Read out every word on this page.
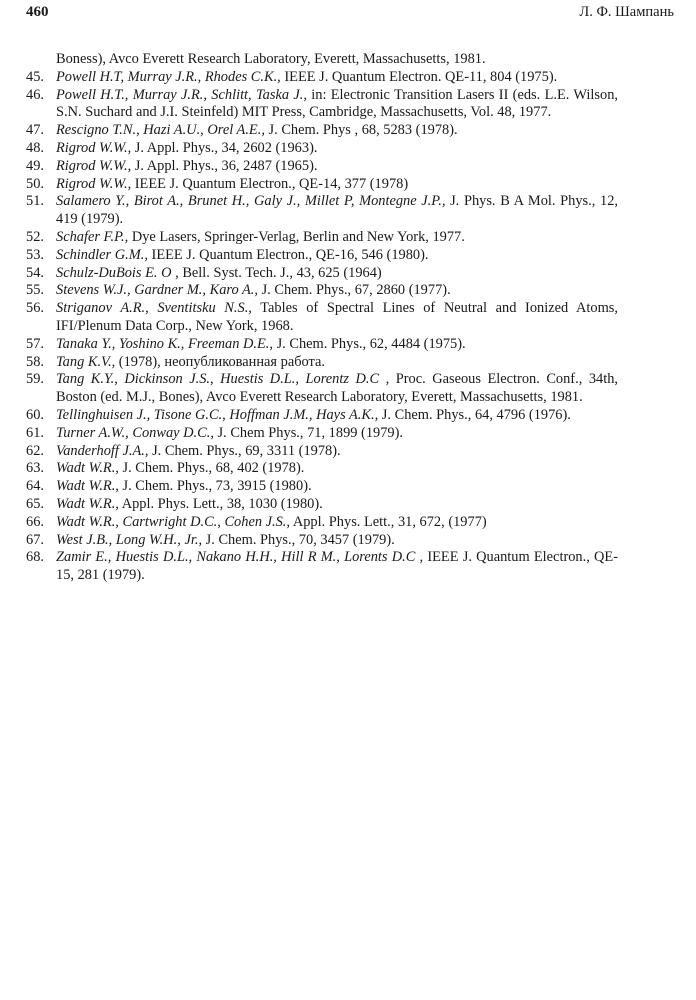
460	Л. Ф. Шампань
Boness), Avco Everett Research Laboratory, Everett, Massachusetts, 1981.
45. Powell H.T, Murray J.R., Rhodes C.K., IEEE J. Quantum Electron. QE-11, 804 (1975).
46. Powell H.T., Murray J.R., Schlitt, Taska J., in: Electronic Transition Lasers II (eds. L.E. Wilson, S.N. Suchard and J.I. Steinfeld) MIT Press, Cambridge, Massachusetts, Vol. 48, 1977.
47. Rescigno T.N., Hazi A.U., Orel A.E., J. Chem. Phys , 68, 5283 (1978).
48. Rigrod W.W., J. Appl. Phys., 34, 2602 (1963).
49. Rigrod W.W., J. Appl. Phys., 36, 2487 (1965).
50. Rigrod W.W., IEEE J. Quantum Electron., QE-14, 377 (1978)
51. Salamero Y., Birot A., Brunet H., Galy J., Millet P, Montegne J.P., J. Phys. B A Mol. Phys., 12, 419 (1979).
52. Schafer F.P., Dye Lasers, Springer-Verlag, Berlin and New York, 1977.
53. Schindler G.M., IEEE J. Quantum Electron., QE-16, 546 (1980).
54. Schulz-DuBois E. O , Bell. Syst. Tech. J., 43, 625 (1964)
55. Stevens W.J., Gardner M., Karo A., J. Chem. Phys., 67, 2860 (1977).
56. Striganov A.R., Sventitsku N.S., Tables of Spectral Lines of Neutral and Ionized Atoms, IFI/Plenum Data Corp., New York, 1968.
57. Tanaka Y., Yoshino K., Freeman D.E., J. Chem. Phys., 62, 4484 (1975).
58. Tang K.V., (1978), неопубликованная работа.
59. Tang K.Y., Dickinson J.S., Huestis D.L., Lorentz D.C , Proc. Gaseous Electron. Conf., 34th, Boston (ed. M.J., Bones), Avco Everett Research Laboratory, Everett, Massachusetts, 1981.
60. Tellinghuisen J., Tisone G.C., Hoffman J.M., Hays A.K., J. Chem. Phys., 64, 4796 (1976).
61. Turner A.W., Conway D.C., J. Chem Phys., 71, 1899 (1979).
62. Vanderhoff J.A., J. Chem. Phys., 69, 3311 (1978).
63. Wadt W.R., J. Chem. Phys., 68, 402 (1978).
64. Wadt W.R., J. Chem. Phys., 73, 3915 (1980).
65. Wadt W.R., Appl. Phys. Lett., 38, 1030 (1980).
66. Wadt W.R., Cartwright D.C., Cohen J.S., Appl. Phys. Lett., 31, 672, (1977)
67. West J.B., Long W.H., Jr., J. Chem. Phys., 70, 3457 (1979).
68. Zamir E., Huestis D.L., Nakano H.H., Hill R M., Lorents D.C , IEEE J. Quantum Electron., QE-15, 281 (1979).
